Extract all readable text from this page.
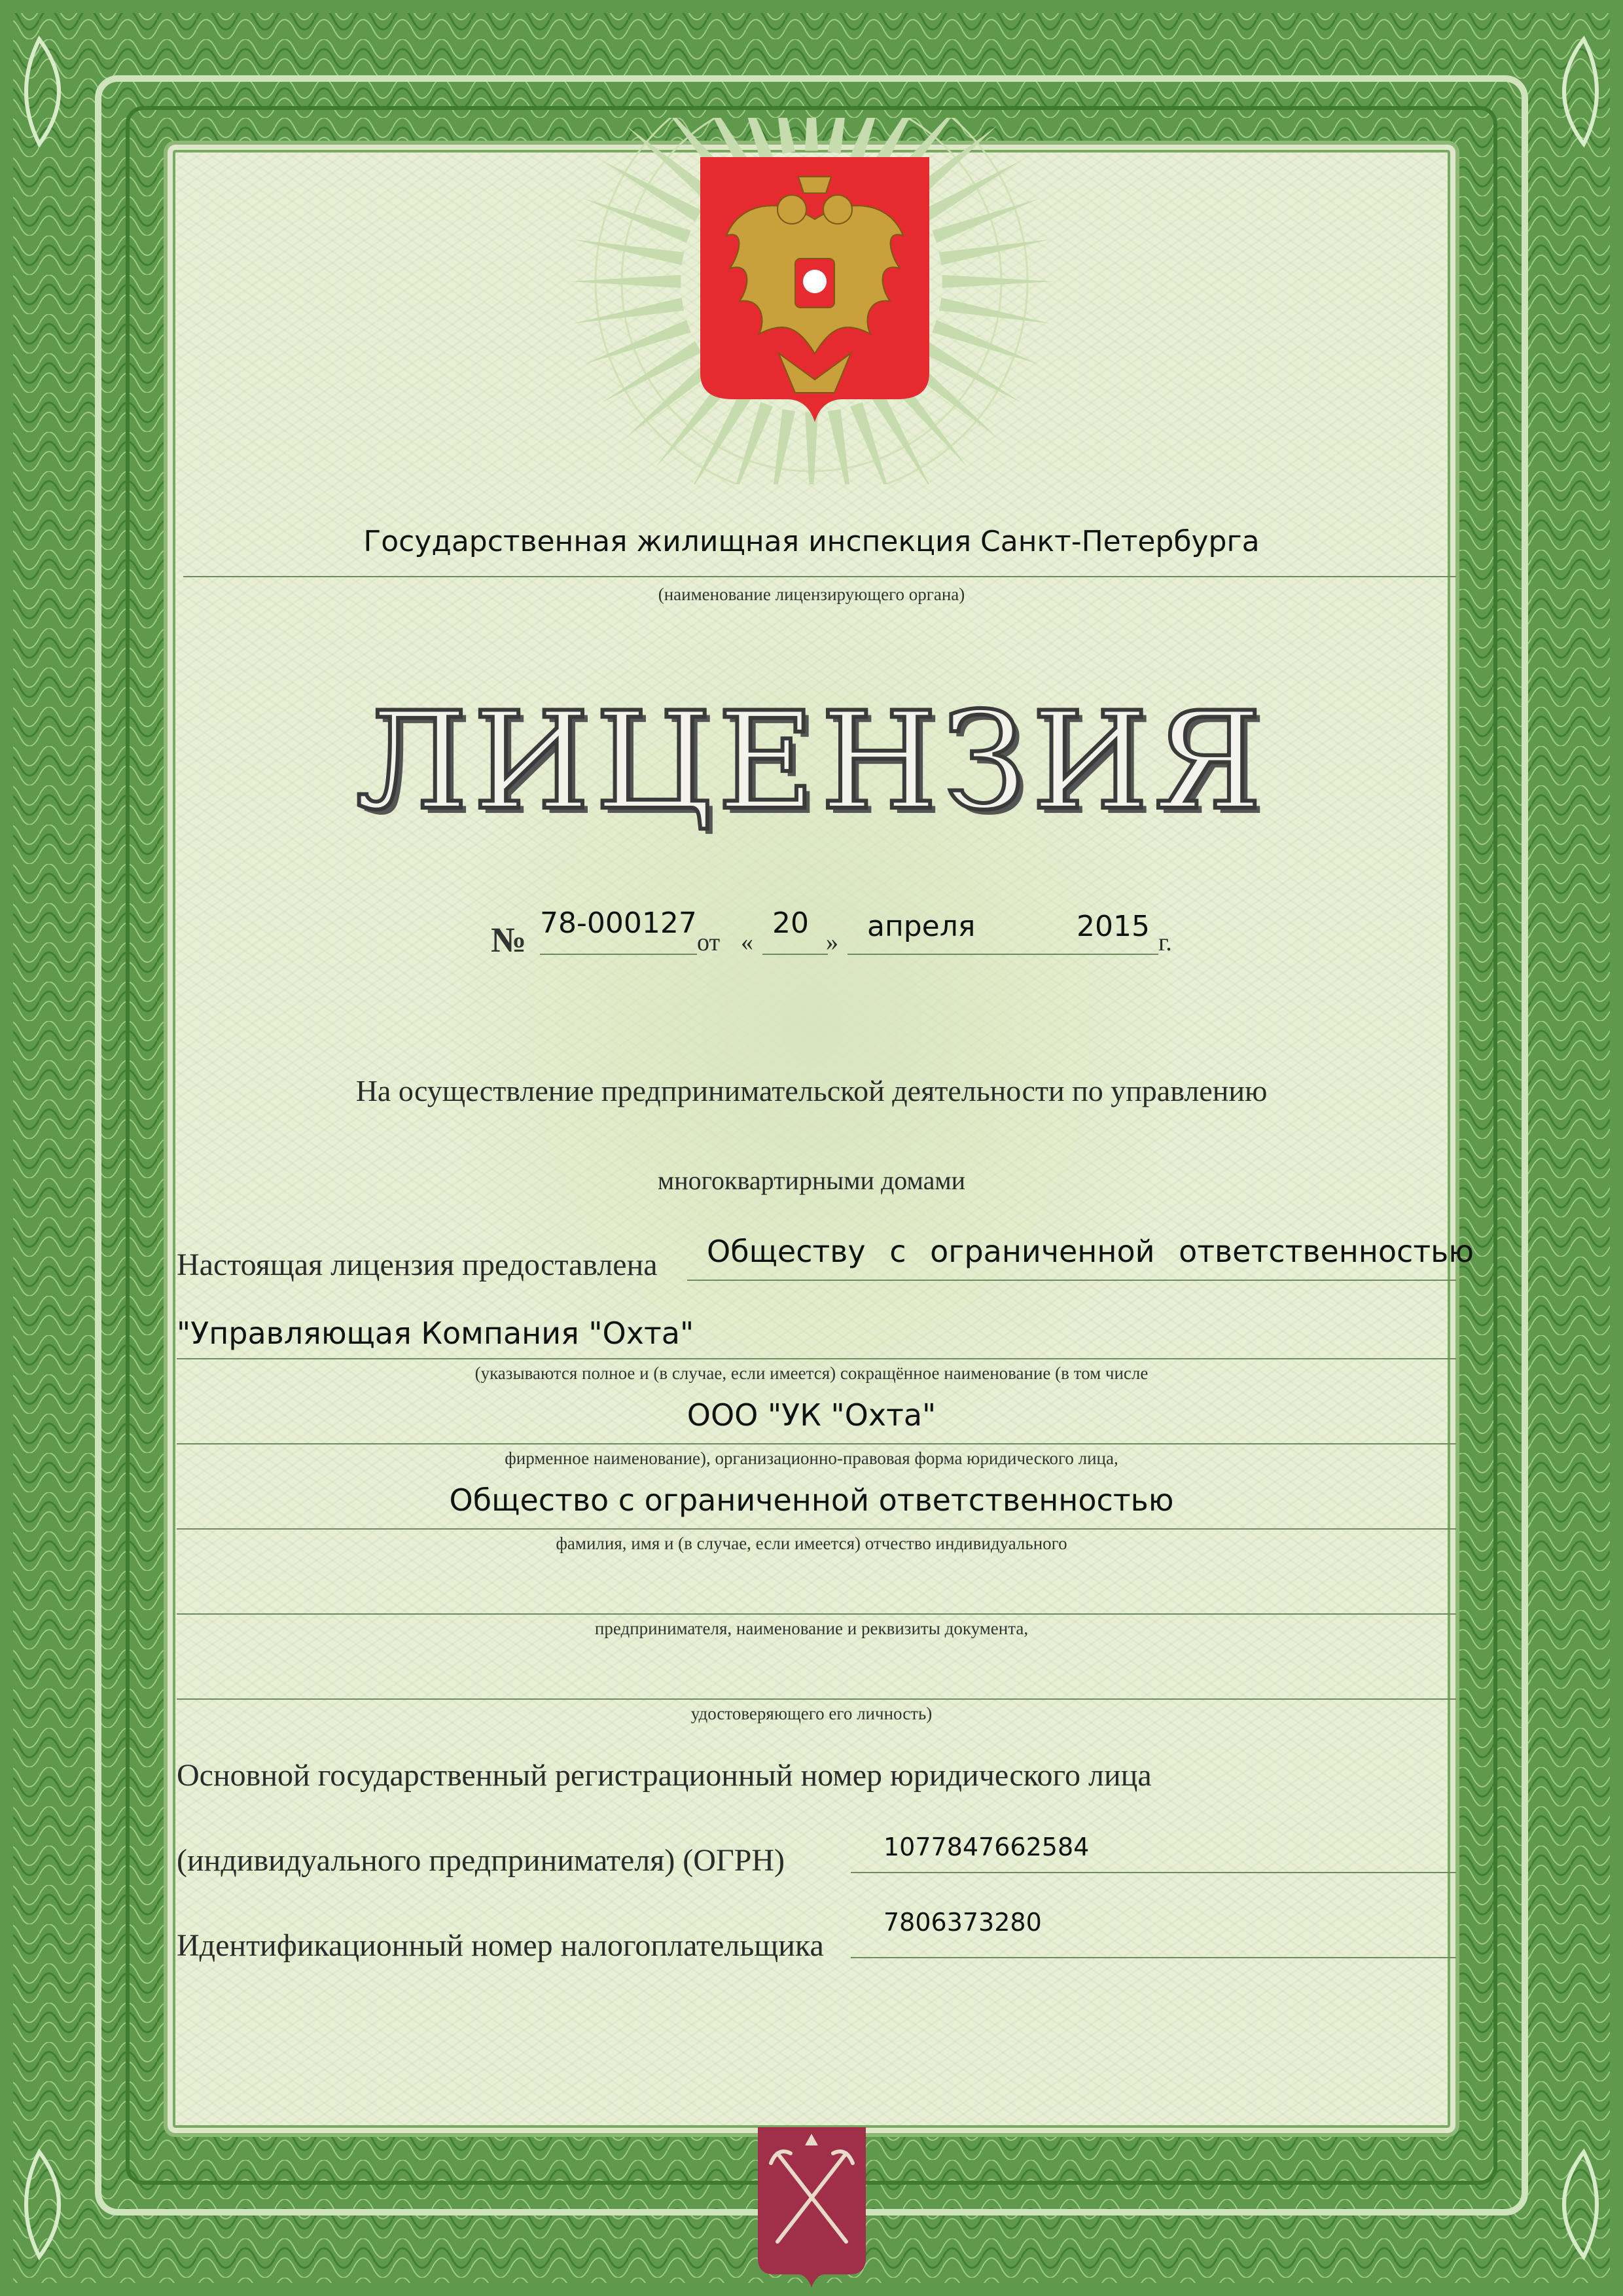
Государственная жилищная инспекция Санкт-Петербурга
(наименование лицензирующего органа)
ЛИЦЕНЗИЯ
№ 78-000127
от «
20
» апреля	2015 г.
На осуществление предпринимательской деятельности по управлению
многоквартирными домами
Настоящая лицензия предоставлена Обществу с ограниченной ответственностью
"Управляющая Компания "Охта"
(указываются полное и (в случае, если имеется) сокращённое наименование (в том числе
ООО "УК "Охта"
фирменное наименование), организационно-правовая форма юридического лица,
Общество с ограниченной ответственностью
фамилия, имя и (в случае, если имеется) отчество индивидуального
предпринимателя, наименование и реквизиты документа,
удостоверяющего его личность)
Основной государственный регистрационный номер юридического лица
(индивидуального предпринимателя) (ОГРН)	1077847662584
Идентификационный номер налогоплательщика
7806373280
